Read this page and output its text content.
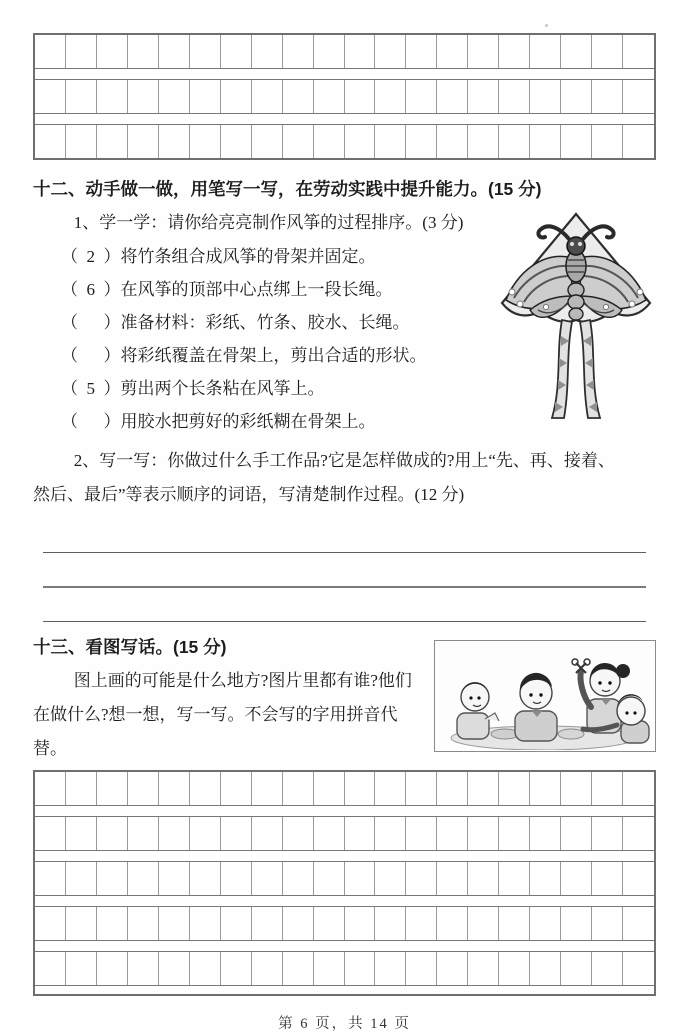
十二、动手做一做，用笔写一写，在劳动实践中提升能力。(15 分)
1、学一学：请你给亮亮制作风筝的过程排序。(3 分)
（ 2 ）将竹条组合成风筝的骨架并固定。
（ 6 ）在风筝的顶部中心点绑上一段长绳。
（ ）准备材料：彩纸、竹条、胶水、长绳。
（ ）将彩纸覆盖在骨架上，剪出合适的形状。
（ 5 ）剪出两个长条粘在风筝上。
（ ）用胶水把剪好的彩纸糊在骨架上。

2、写一写：你做过什么手工作品?它是怎样做成的?用上“先、再、接着、

然后、最后”等表示顺序的词语，写清楚制作过程。(12 分)

十三、看图写话。(15 分)

图上画的可能是什么地方?图片里都有谁?他们在做什么?想一想，写一写。不会写的字用拼音代替。

第 6 页，共 14 页
